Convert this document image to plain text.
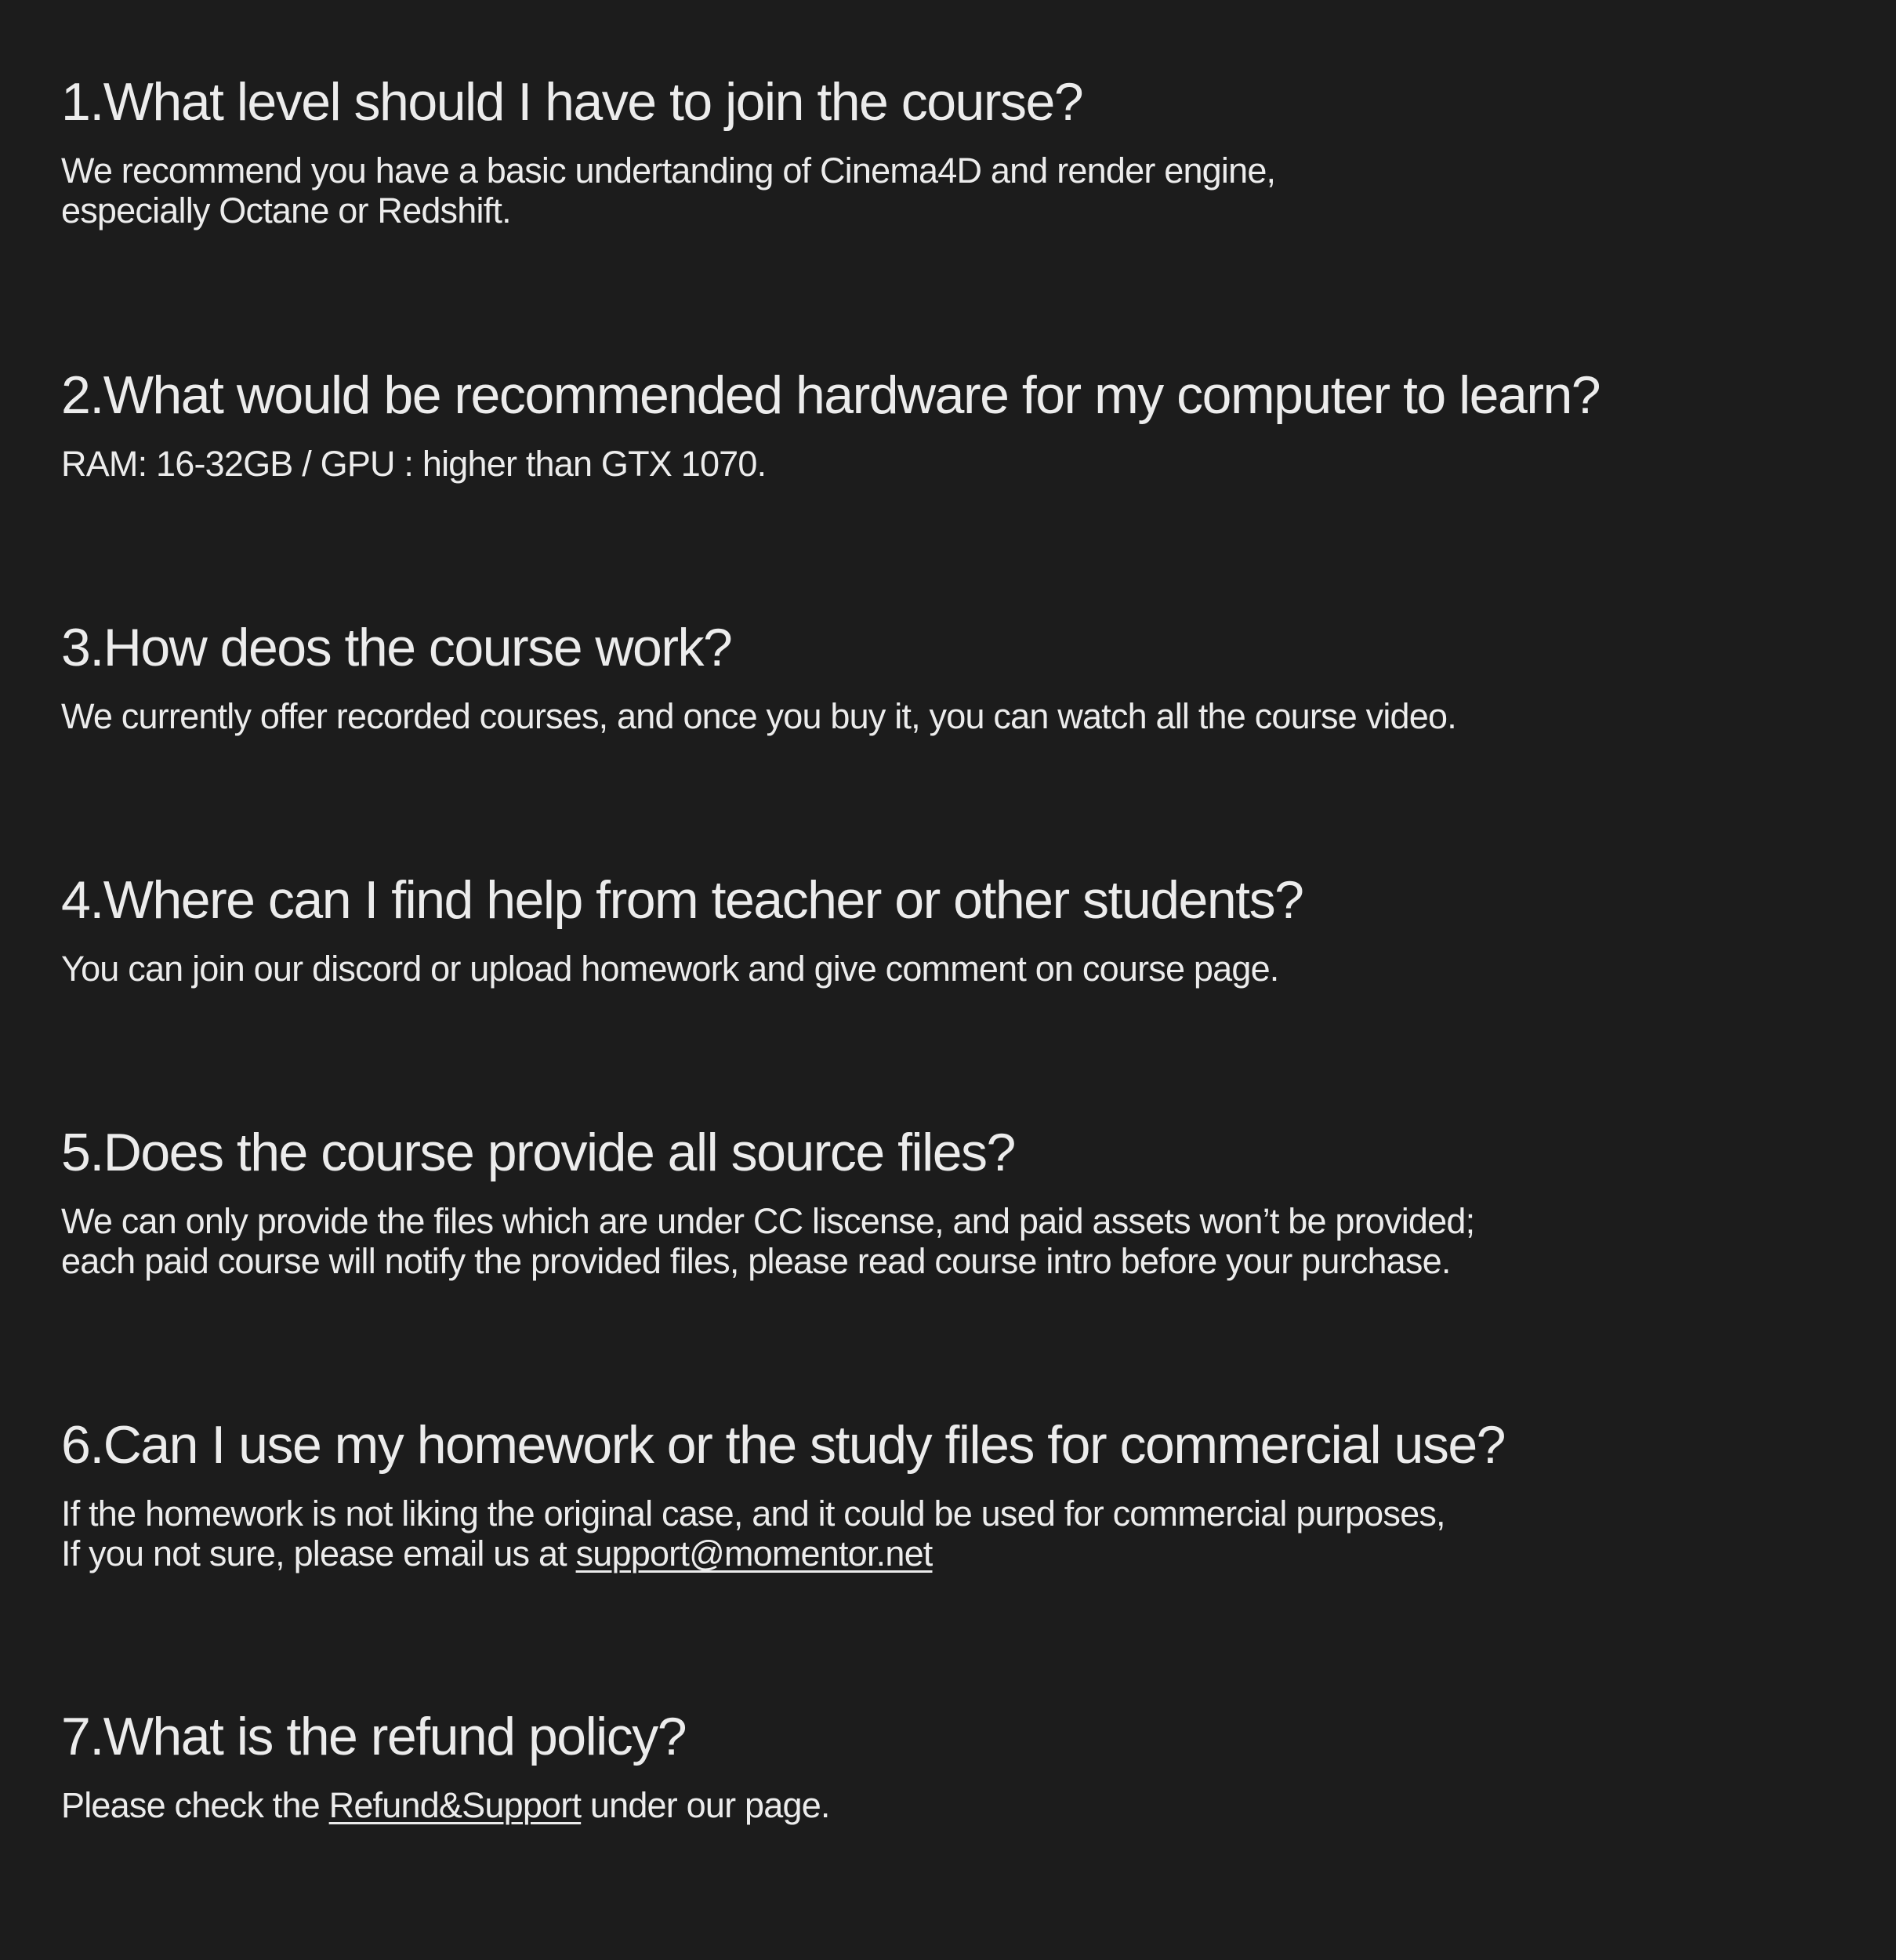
1.What level should I have to join the course?
We recommend you have a basic undertanding of Cinema4D and render engine,
especially Octane or Redshift.
2.What would be recommended hardware for my computer to learn?
RAM: 16-32GB / GPU : higher than GTX 1070.
3.How deos the course work?
We currently offer recorded courses, and once you buy it, you can watch all the course video.
4.Where can I find help from teacher or other students?
You can join our discord or upload homework and give comment on course page.
5.Does the course provide all source files?
We can only provide the files which are under CC liscense, and paid assets won’t be provided;
each paid course will notify the provided files, please read course intro before your purchase.
6.Can I use my homework or the study files for commercial use?
If the homework is not liking the original case, and it could be used for commercial purposes,
If you not sure, please email us at support@momentor.net
7.What is the refund policy?
Please check the Refund&Support under our page.
